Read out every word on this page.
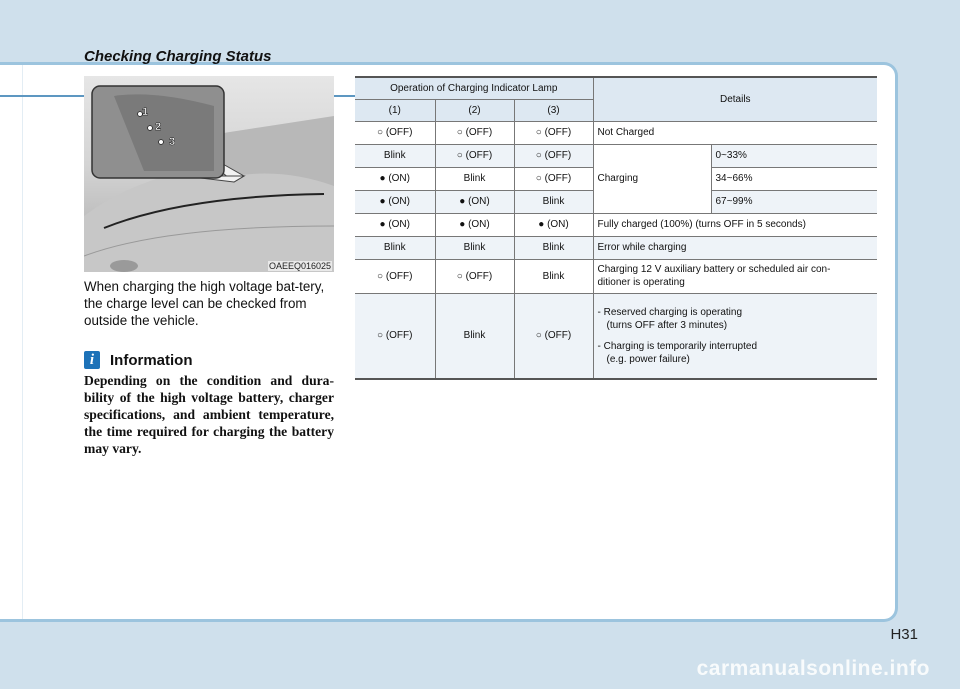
Checking Charging Status
1
2
3
OAEEQ016025

When charging the high voltage bat-tery, the charge level can be checked from outside the vehicle.

i	Information

Depending on the condition and dura-bility of the high voltage battery, charger specifications, and ambient temperature, the time required for charging the battery may vary.

Operation of Charging Indicator Lamp			Details	
(1)	(2)	(3)		
○ (OFF)	○ (OFF)	○ (OFF)	Not Charged	
Blink	○ (OFF)	○ (OFF)	Charging	0~33%
● (ON)	Blink	○ (OFF)		34~66%
● (ON)	● (ON)	Blink		67~99%
● (ON)	● (ON)	● (ON)	Fully charged (100%) (turns OFF in 5 seconds)	
Blink	Blink	Blink	Error while charging	
○ (OFF)	○ (OFF)	Blink	Charging 12 V auxiliary battery or scheduled air con-
ditioner is operating	

○ (OFF)	Blink	○ (OFF)	- Reserved charging is operating
(turns OFF after 3 minutes)
- Charging is temporarily interrupted
(e.g. power failure)	
H31
carmanualsonline.info
